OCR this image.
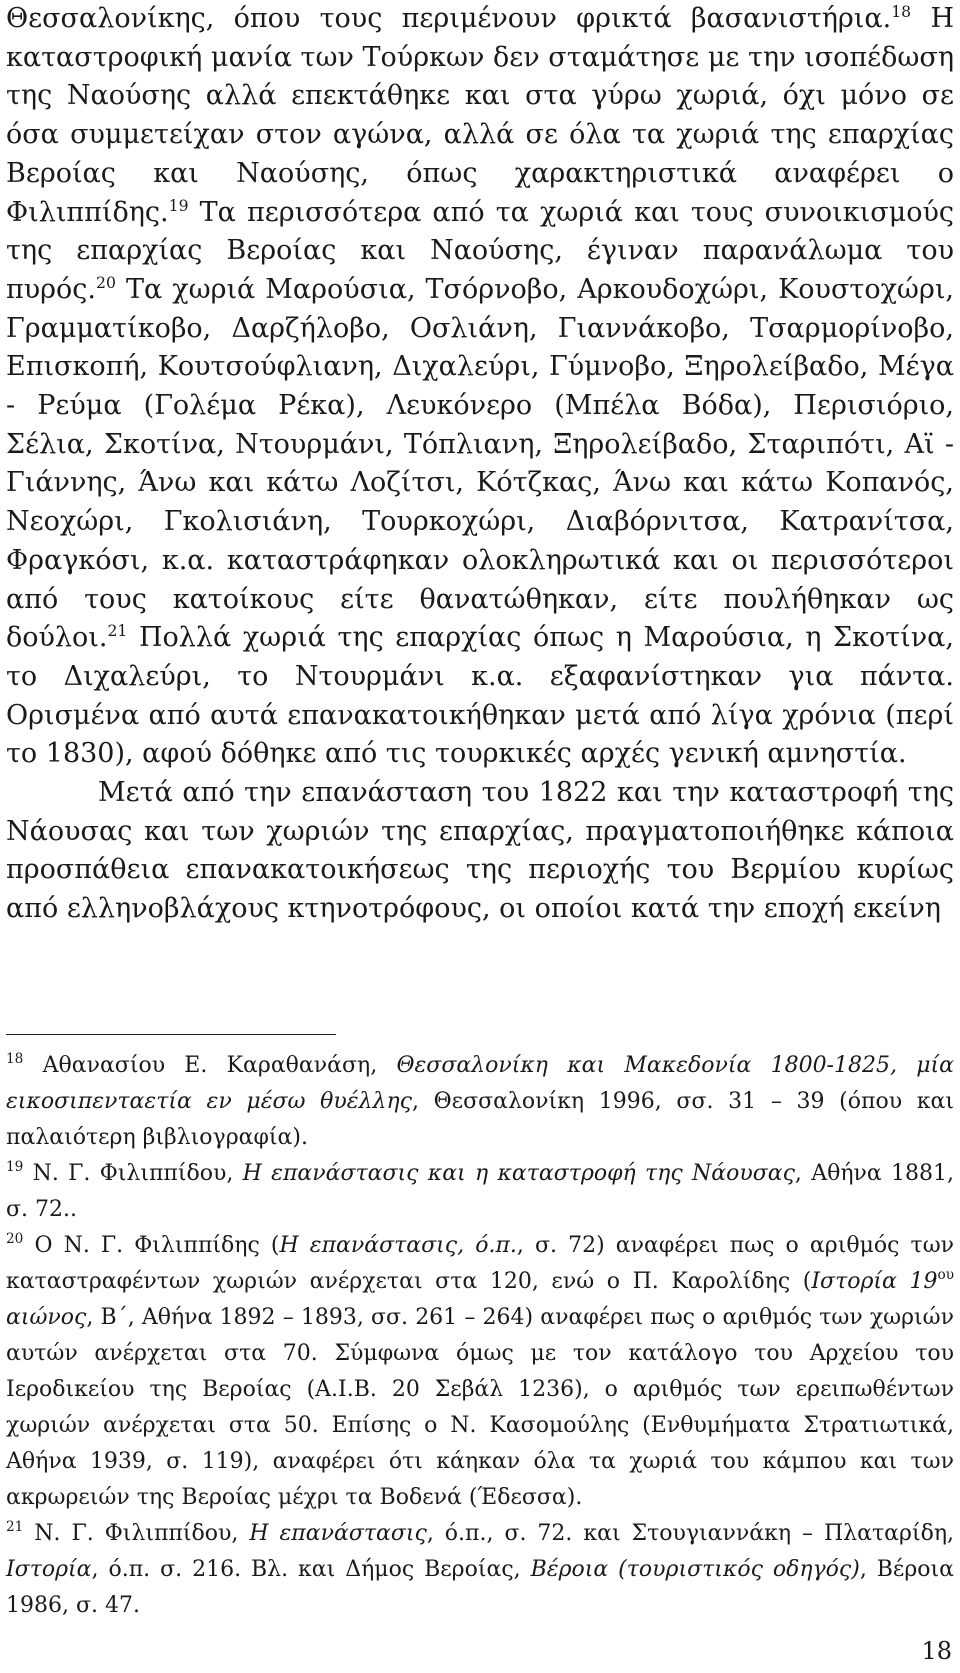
Θεσσαλονίκης, όπου τους περιμένουν φρικτά βασανιστήρια.$^{18}$ Η καταστροφική μανία των Τούρκων δεν σταμάτησε με την ισοπέδωση της Ναούσης αλλά επεκτάθηκε και στα γύρω χωριά, όχι μόνο σε όσα συμμετείχαν στον αγώνα, αλλά σε όλα τα χωριά της επαρχίας Βεροίας και Ναούσης, όπως χαρακτηριστικά αναφέρει ο Φιλιππίδης.$^{19}$ Τα περισσότερα από τα χωριά και τους συνοικισμούς της επαρχίας Βεροίας και Ναούσης, έγιναν παρανάλωμα του πυρός.$^{20}$ Τα χωριά Μαρούσια, Τσόρνοβο, Αρκουδοχώρι, Κουστοχώρι, Γραμματίκοβο, Δαρζήλοβο, Οσλιάνη, Γιαννάκοβο, Τσαρμορίνοβο, Επισκοπή, Κουτσούφλιανη, Διχαλεύρι, Γύμνοβο, Ξηρολείβαδο, Μέγα - Ρεύμα (Γολέμα Ρέκα), Λευκόνερο (Μπέλα Βόδα), Περισιόριο, Σέλια, Σκοτίνα, Ντουρμάνι, Τόπλιανη, Ξηρολείβαδο, Σταριπότι, Αϊ - Γιάννης, Άνω και κάτω Λοζίτσι, Κότζκας, Άνω και κάτω Κοπανός, Νεοχώρι, Γκολισιάνη, Τουρκοχώρι, Διαβόρνιτσα, Κατρανίτσα, Φραγκόσι, κ.α. καταστράφηκαν ολοκληρωτικά και οι περισσότεροι από τους κατοίκους είτε θανατώθηκαν, είτε πουλήθηκαν ως δούλοι.$^{21}$ Πολλά χωριά της επαρχίας όπως η Μαρούσια, η Σκοτίνα, το Διχαλεύρι, το Ντουρμάνι κ.α. εξαφανίστηκαν για πάντα. Ορισμένα από αυτά επανακατοικήθηκαν μετά από λίγα χρόνια (περί το 1830), αφού δόθηκε από τις τουρκικές αρχές γενική αμνηστία.

Μετά από την επανάσταση του 1822 και την καταστροφή της Νάουσας και των χωριών της επαρχίας, πραγματοποιήθηκε κάποια προσπάθεια επανακατοικήσεως της περιοχής του Βερμίου κυρίως από ελληνοβλάχους κτηνοτρόφους, οι οποίοι κατά την εποχή εκείνη

$^{18}$ Αθανασίου Ε. Καραθανάση, Θεσσαλονίκη και Μακεδονία 1800-1825, μία εικοσιπενταετία εν μέσω θυέλλης, Θεσσαλονίκη 1996, σσ. 31 – 39 (όπου και παλαιότερη βιβλιογραφία).

$^{19}$ Ν. Γ. Φιλιππίδου, Η επανάστασις και η καταστροφή της Νάουσας, Αθήνα 1881, σ. 72..

$^{20}$ Ο Ν. Γ. Φιλιππίδης (Η επανάστασις, ό.π., σ. 72) αναφέρει πως ο αριθμός των καταστραφέντων χωριών ανέρχεται στα 120, ενώ ο Π. Καρολίδης (Ιστορία $19^{o\upsilon}$ αιώνος, Β΄, Αθήνα 1892 – 1893, σσ. 261 – 264) αναφέρει πως ο αριθμός των χωριών αυτών ανέρχεται στα 70. Σύμφωνα όμως με τον κατάλογο του Αρχείου του Ιεροδικείου της Βεροίας (Α.Ι.Β. 20 Σεβάλ 1236), ο αριθμός των ερειπωθέντων χωριών ανέρχεται στα 50. Επίσης ο Ν. Κασομούλης (Ενθυμήματα Στρατιωτικά, Αθήνα 1939, σ. 119), αναφέρει ότι κάηκαν όλα τα χωριά του κάμπου και των ακρωρειών της Βεροίας μέχρι τα Βοδενά (Έδεσσα).

$^{21}$ Ν. Γ. Φιλιππίδου, Η επανάστασις, ό.π., σ. 72. και Στουγιαννάκη – Πλαταρίδη, Ιστορία, ό.π. σ. 216. Βλ. και Δήμος Βεροίας, Βέροια (τουριστικός οδηγός), Βέροια 1986, σ. 47.

18
